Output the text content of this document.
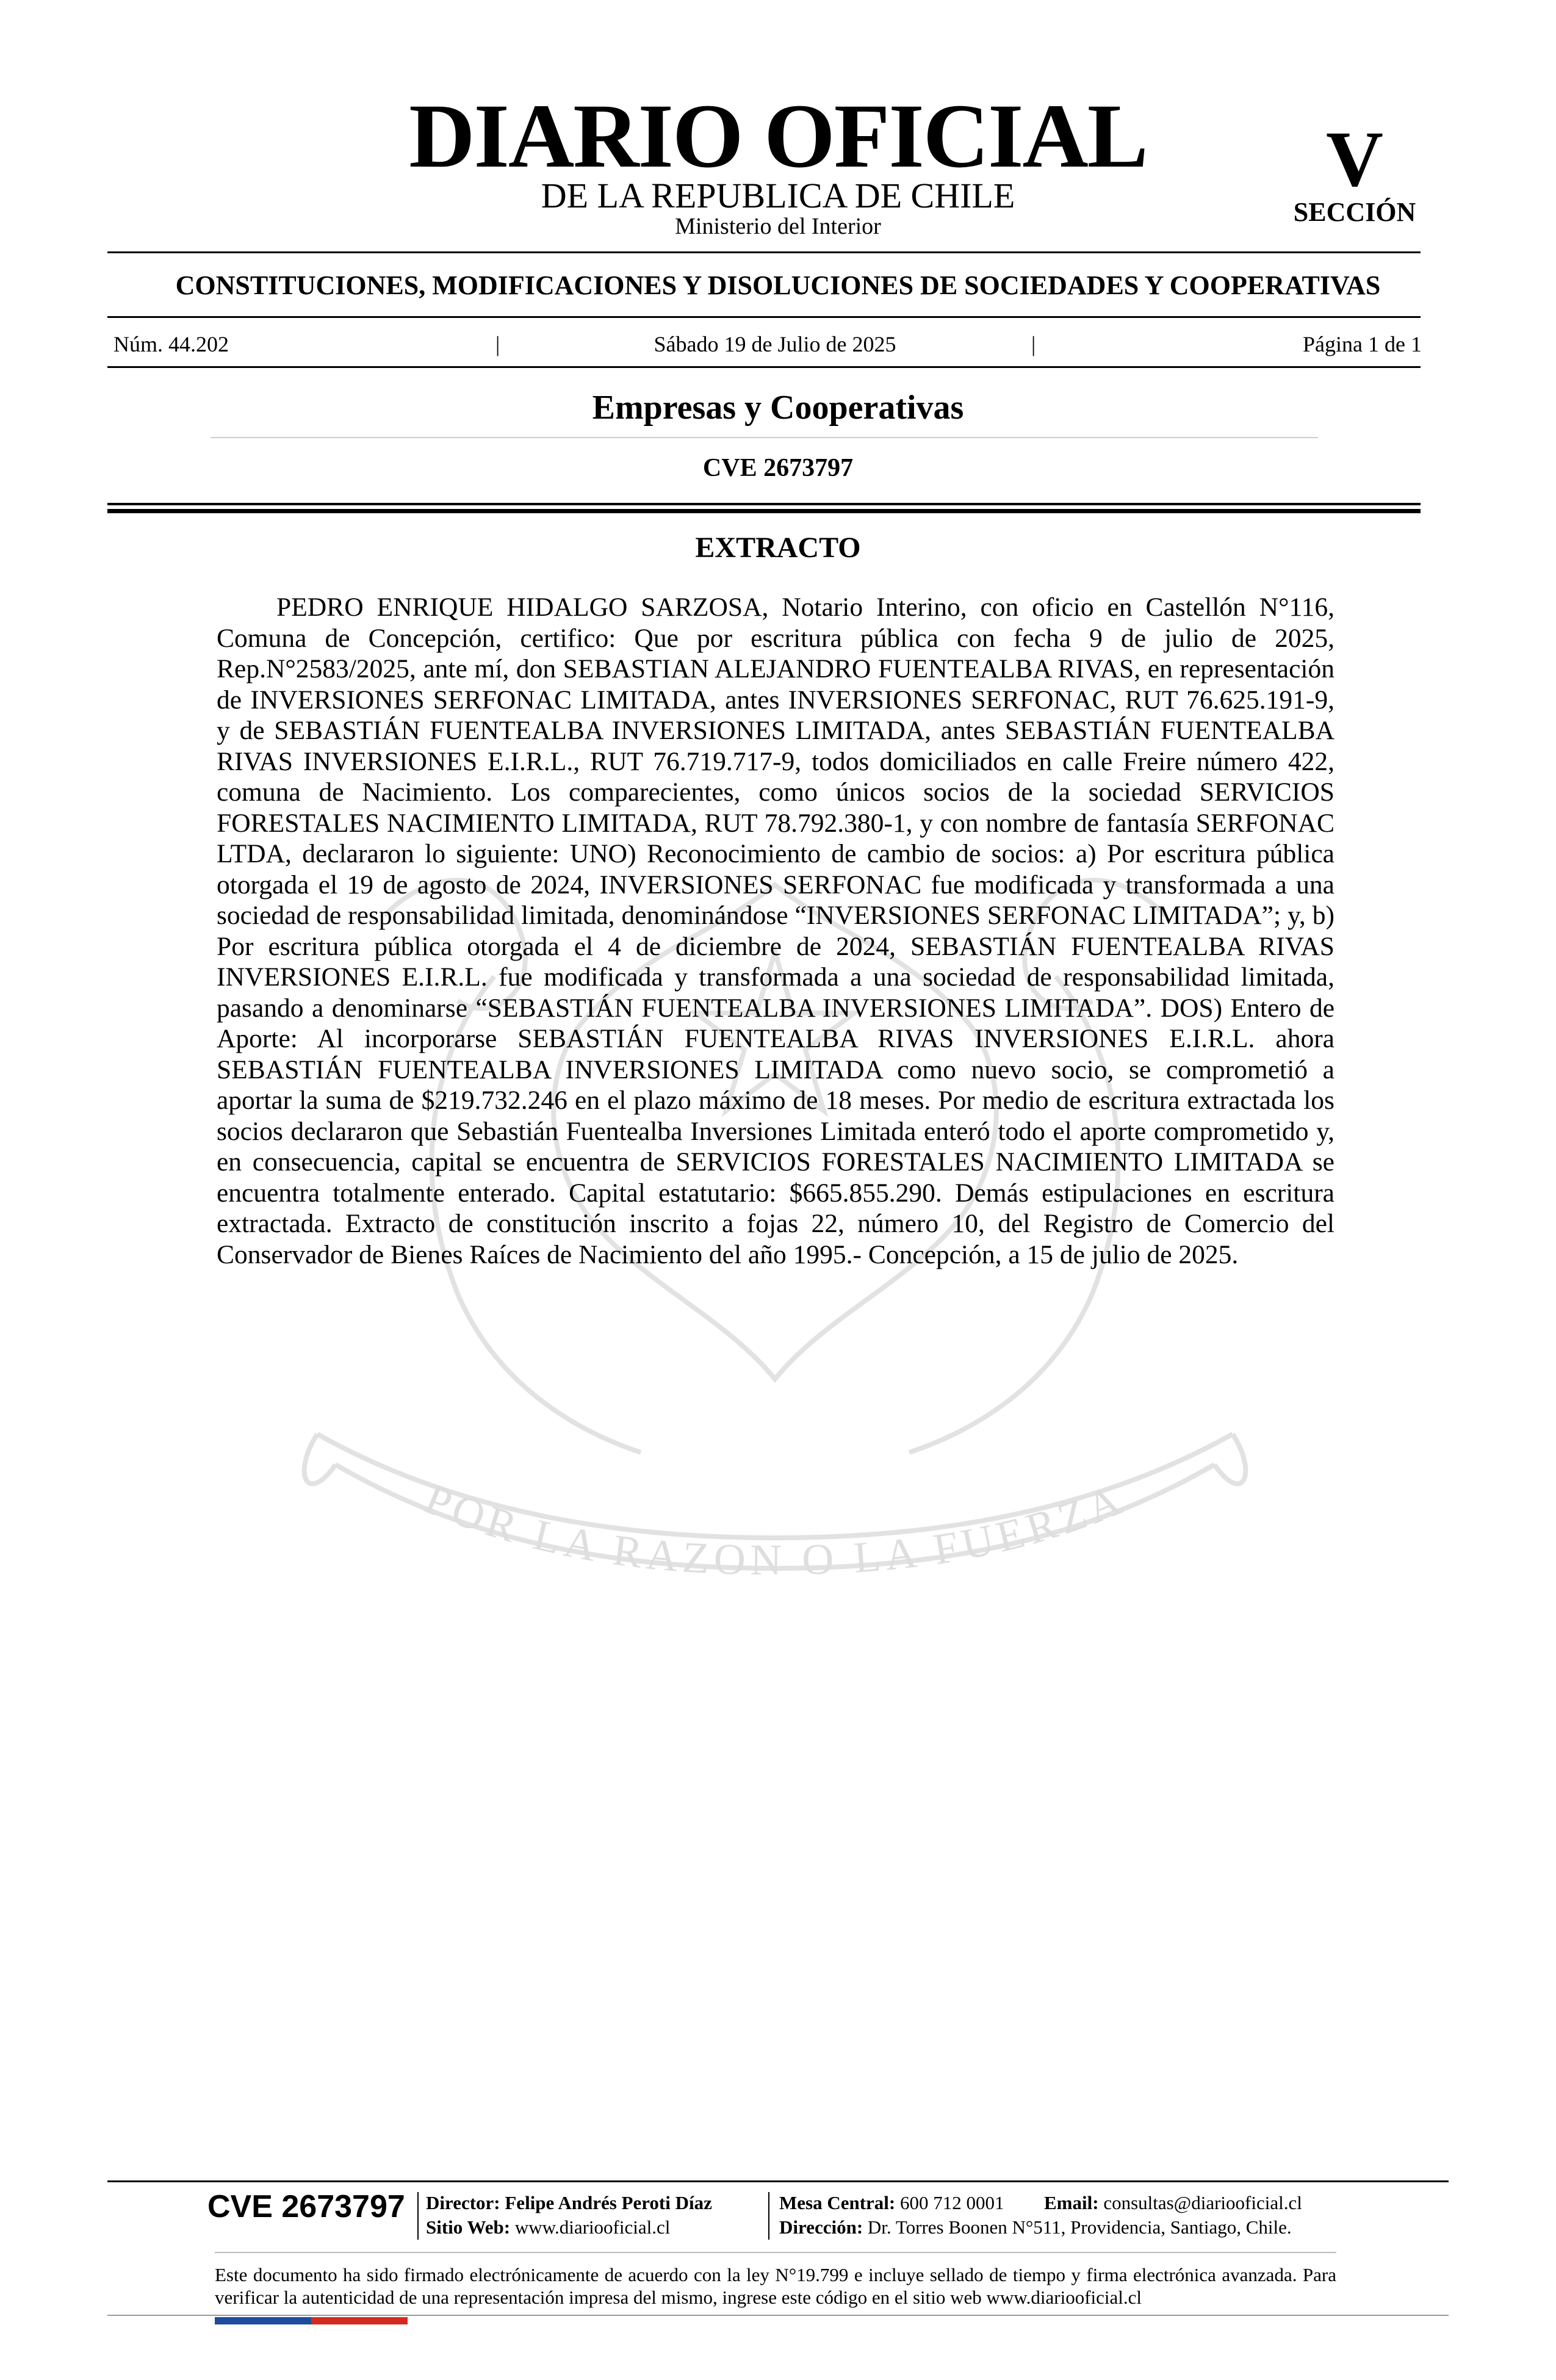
POR LA RAZON O LA FUERZA
DIARIO OFICIAL
DE LA REPUBLICA DE CHILE
Ministerio del Interior
V
SECCIÓN
CONSTITUCIONES, MODIFICACIONES Y DISOLUCIONES DE SOCIEDADES Y COOPERATIVAS
Núm. 44.202	|	Sábado 19 de Julio de 2025	|	Página 1 de 1
Empresas y Cooperativas
CVE 2673797
EXTRACTO

PEDRO ENRIQUE HIDALGO SARZOSA, Notario Interino, con oficio en Castellón N°116, Comuna de Concepción, certifico: Que por escritura pública con fecha 9 de julio de 2025, Rep.N°2583/2025, ante mí, don SEBASTIAN ALEJANDRO FUENTEALBA RIVAS, en representación de INVERSIONES SERFONAC LIMITADA, antes INVERSIONES SERFONAC, RUT 76.625.191-9, y de SEBASTIÁN FUENTEALBA INVERSIONES LIMITADA, antes SEBASTIÁN FUENTEALBA RIVAS INVERSIONES E.I.R.L., RUT 76.719.717-9, todos domiciliados en calle Freire número 422, comuna de Nacimiento. Los comparecientes, como únicos socios de la sociedad SERVICIOS FORESTALES NACIMIENTO LIMITADA, RUT 78.792.380-1, y con nombre de fantasía SERFONAC LTDA, declararon lo siguiente: UNO) Reconocimiento de cambio de socios: a) Por escritura pública otorgada el 19 de agosto de 2024, INVERSIONES SERFONAC fue modificada y transformada a una sociedad de responsabilidad limitada, denominándose “INVERSIONES SERFONAC LIMITADA”; y, b) Por escritura pública otorgada el 4 de diciembre de 2024, SEBASTIÁN FUENTEALBA RIVAS INVERSIONES E.I.R.L. fue modificada y transformada a una sociedad de responsabilidad limitada, pasando a denominarse “SEBASTIÁN FUENTEALBA INVERSIONES LIMITADA”. DOS) Entero de Aporte: Al incorporarse SEBASTIÁN FUENTEALBA RIVAS INVERSIONES E.I.R.L. ahora SEBASTIÁN FUENTEALBA INVERSIONES LIMITADA como nuevo socio, se comprometió a aportar la suma de $219.732.246 en el plazo máximo de 18 meses. Por medio de escritura extractada los socios declararon que Sebastián Fuentealba Inversiones Limitada enteró todo el aporte comprometido y, en consecuencia, capital se encuentra de SERVICIOS FORESTALES NACIMIENTO LIMITADA se encuentra totalmente enterado. Capital estatutario: $665.855.290. Demás estipulaciones en escritura extractada. Extracto de constitución inscrito a fojas 22, número 10, del Registro de Comercio del Conservador de Bienes Raíces de Nacimiento del año 1995.- Concepción, a 15 de julio de 2025.

CVE 2673797 Director: Felipe Andrés Peroti Díaz
Sitio Web: www.diariooficial.cl
Mesa Central: 600 712 0001 Email: consultas@diariooficial.cl
Dirección: Dr. Torres Boonen N°511, Providencia, Santiago, Chile.

Este documento ha sido firmado electrónicamente de acuerdo con la ley N°19.799 e incluye sellado de tiempo y firma electrónica avanzada. Para verificar la autenticidad de una representación impresa del mismo, ingrese este código en el sitio web www.diariooficial.cl
